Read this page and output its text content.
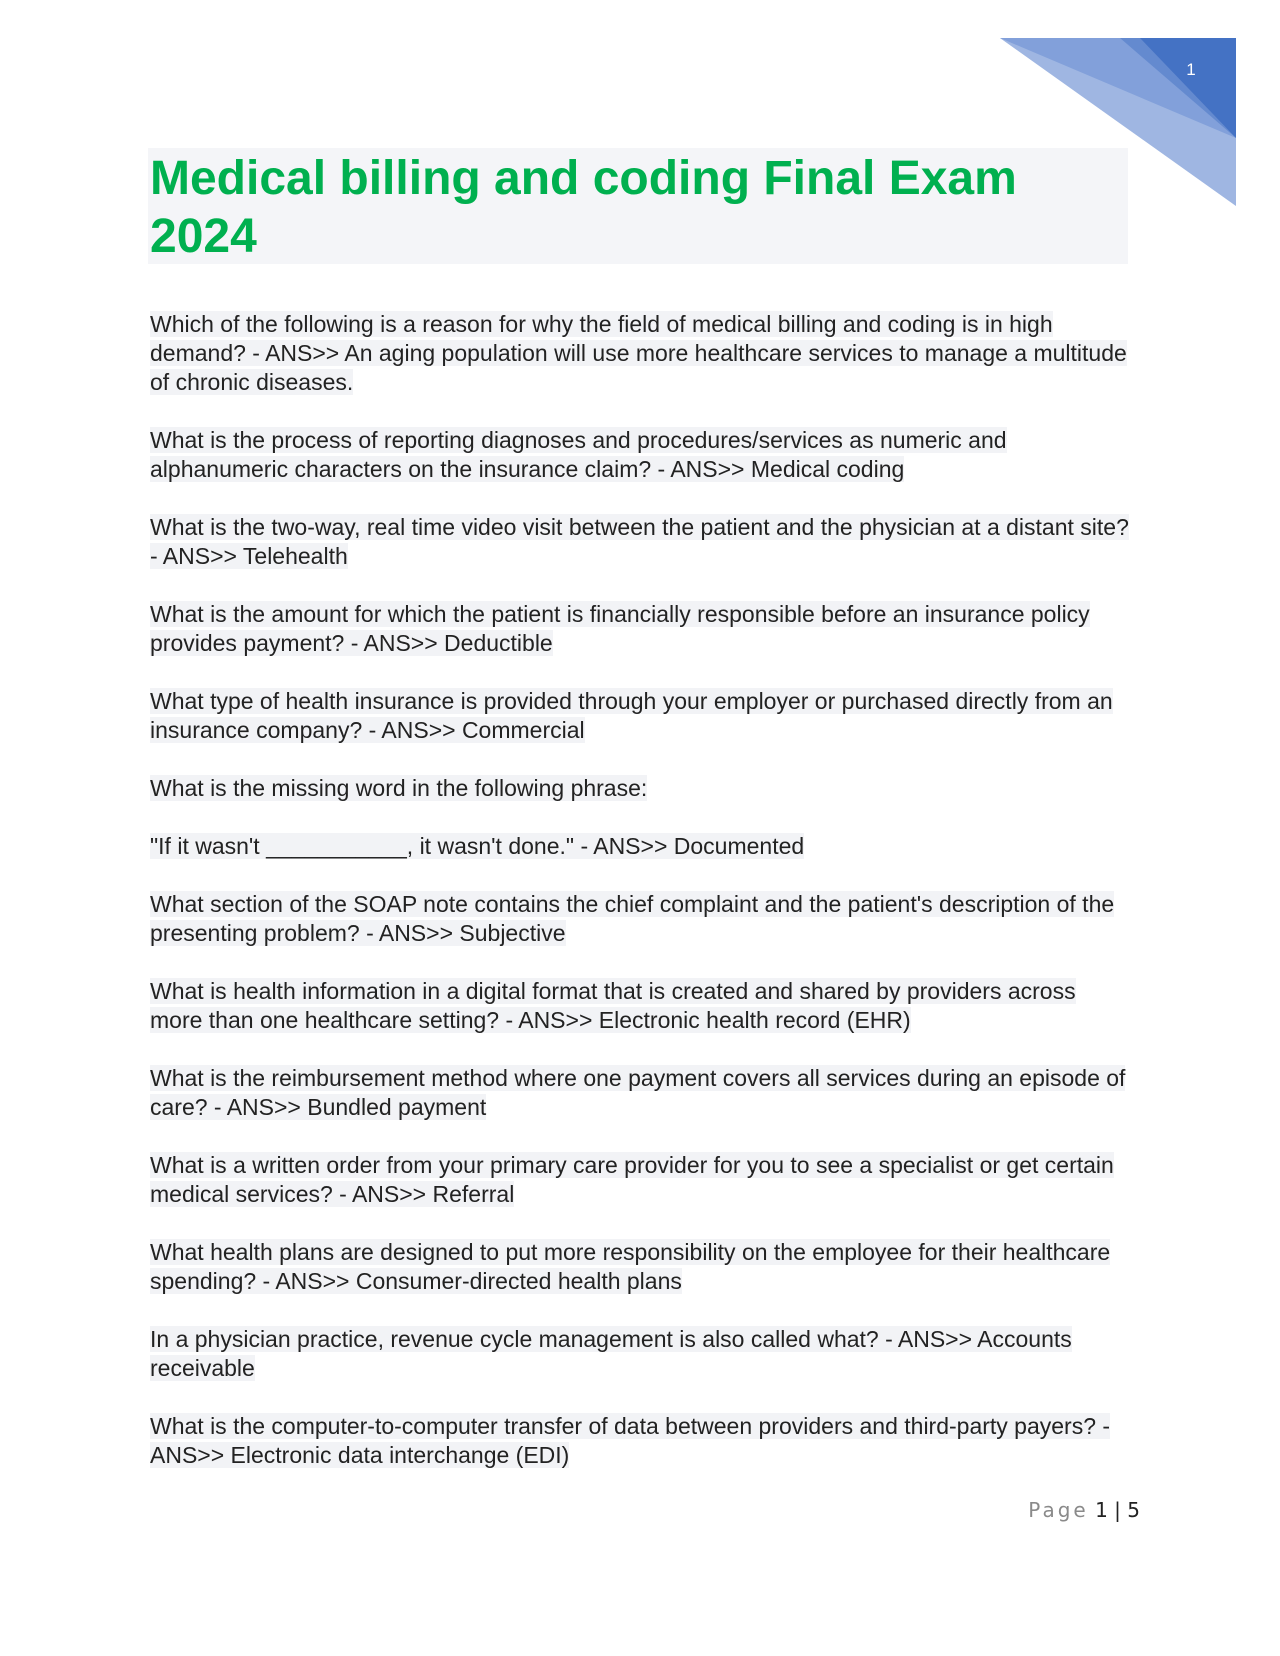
1
Medical billing and coding Final Exam 2024

Which of the following is a reason for why the field of medical billing and coding is in high demand? - ANS>> An aging population will use more healthcare services to manage a multitude of chronic diseases.

What is the process of reporting diagnoses and procedures/services as numeric and alphanumeric characters on the insurance claim? - ANS>> Medical coding

What is the two-way, real time video visit between the patient and the physician at a distant site? - ANS>> Telehealth

What is the amount for which the patient is financially responsible before an insurance policy provides payment? - ANS>> Deductible

What type of health insurance is provided through your employer or purchased directly from an insurance company? - ANS>> Commercial

What is the missing word in the following phrase:

"If it wasn't ___________, it wasn't done." - ANS>> Documented

What section of the SOAP note contains the chief complaint and the patient's description of the presenting problem? - ANS>> Subjective

What is health information in a digital format that is created and shared by providers across more than one healthcare setting? - ANS>> Electronic health record (EHR)

What is the reimbursement method where one payment covers all services during an episode of care? - ANS>> Bundled payment

What is a written order from your primary care provider for you to see a specialist or get certain medical services? - ANS>> Referral

What health plans are designed to put more responsibility on the employee for their healthcare spending? - ANS>> Consumer-directed health plans

In a physician practice, revenue cycle management is also called what? - ANS>> Accounts receivable

What is the computer-to-computer transfer of data between providers and third-party payers? - ANS>> Electronic data interchange (EDI)

Page 1 | 5
